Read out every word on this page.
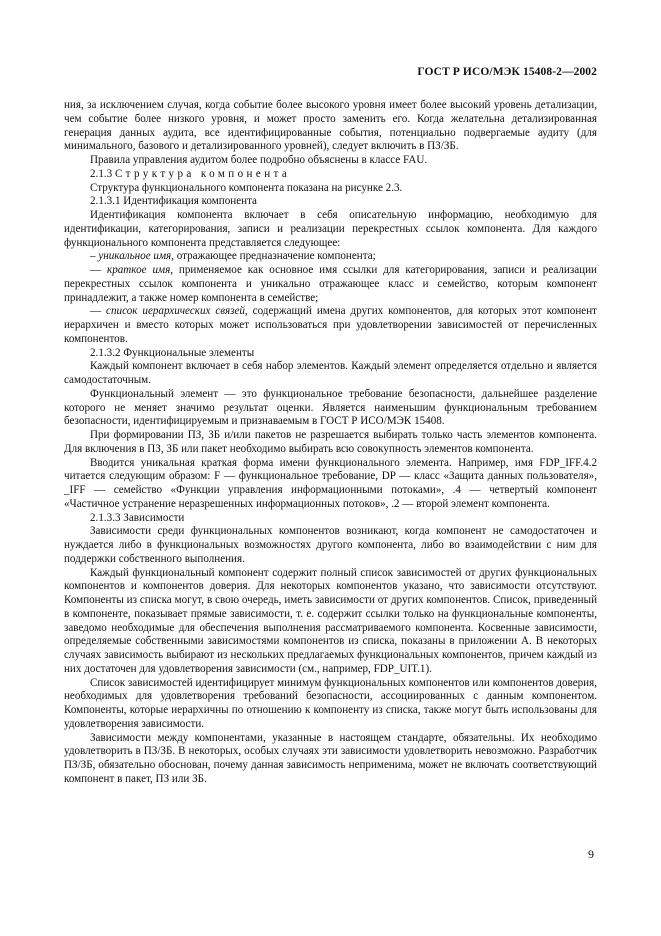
ГОСТ Р ИСО/МЭК 15408-2—2002

ния, за исключением случая, когда событие более высокого уровня имеет более высокий уровень детализации, чем событие более низкого уровня, и может просто заменить его. Когда желательна детализированная генерация данных аудита, все идентифицированные события, потенциально подвергаемые аудиту (для минимального, базового и детализированного уровней), следует включить в ПЗ/ЗБ.

Правила управления аудитом более подробно объяснены в классе FAU.

2.1.3 Структура компонента

Структура функционального компонента показана на рисунке 2.3.

2.1.3.1 Идентификация компонента

Идентификация компонента включает в себя описательную информацию, необходимую для идентификации, категорирования, записи и реализации перекрестных ссылок компонента. Для каждого функционального компонента представляется следующее:

– уникальное имя, отражающее предназначение компонента;

— краткое имя, применяемое как основное имя ссылки для категорирования, записи и реализации перекрестных ссылок компонента и уникально отражающее класс и семейство, которым компонент принадлежит, а также номер компонента в семействе;

— список иерархических связей, содержащий имена других компонентов, для которых этот компонент иерархичен и вместо которых может использоваться при удовлетворении зависимостей от перечисленных компонентов.

2.1.3.2 Функциональные элементы

Каждый компонент включает в себя набор элементов. Каждый элемент определяется отдельно и является самодостаточным.

Функциональный элемент — это функциональное требование безопасности, дальнейшее разделение которого не меняет значимо результат оценки. Является наименьшим функциональным требованием безопасности, идентифицируемым и признаваемым в ГОСТ Р ИСО/МЭК 15408.

При формировании ПЗ, ЗБ и/или пакетов не разрешается выбирать только часть элементов компонента. Для включения в ПЗ, ЗБ или пакет необходимо выбирать всю совокупность элементов компонента.

Вводится уникальная краткая форма имени функционального элемента. Например, имя FDP_IFF.4.2 читается следующим образом: F — функциональное требование, DP — класс «Защита данных пользователя», _IFF — семейство «Функции управления информационными потоками», .4 — четвертый компонент «Частичное устранение неразрешенных информационных потоков», .2 — второй элемент компонента.

2.1.3.3 Зависимости

Зависимости среди функциональных компонентов возникают, когда компонент не самодостаточен и нуждается либо в функциональных возможностях другого компонента, либо во взаимодействии с ним для поддержки собственного выполнения.

Каждый функциональный компонент содержит полный список зависимостей от других функциональных компонентов и компонентов доверия. Для некоторых компонентов указано, что зависимости отсутствуют. Компоненты из списка могут, в свою очередь, иметь зависимости от других компонентов. Список, приведенный в компоненте, показывает прямые зависимости, т. е. содержит ссылки только на функциональные компоненты, заведомо необходимые для обеспечения выполнения рассматриваемого компонента. Косвенные зависимости, определяемые собственными зависимостями компонентов из списка, показаны в приложении А. В некоторых случаях зависимость выбирают из нескольких предлагаемых функциональных компонентов, причем каждый из них достаточен для удовлетворения зависимости (см., например, FDP_UIT.1).

Список зависимостей идентифицирует минимум функциональных компонентов или компонентов доверия, необходимых для удовлетворения требований безопасности, ассоциированных с данным компонентом. Компоненты, которые иерархичны по отношению к компоненту из списка, также могут быть использованы для удовлетворения зависимости.

Зависимости между компонентами, указанные в настоящем стандарте, обязательны. Их необходимо удовлетворить в ПЗ/ЗБ. В некоторых, особых случаях эти зависимости удовлетворить невозможно. Разработчик ПЗ/ЗБ, обязательно обоснован, почему данная зависимость неприменима, может не включать соответствующий компонент в пакет, ПЗ или ЗБ.

9
